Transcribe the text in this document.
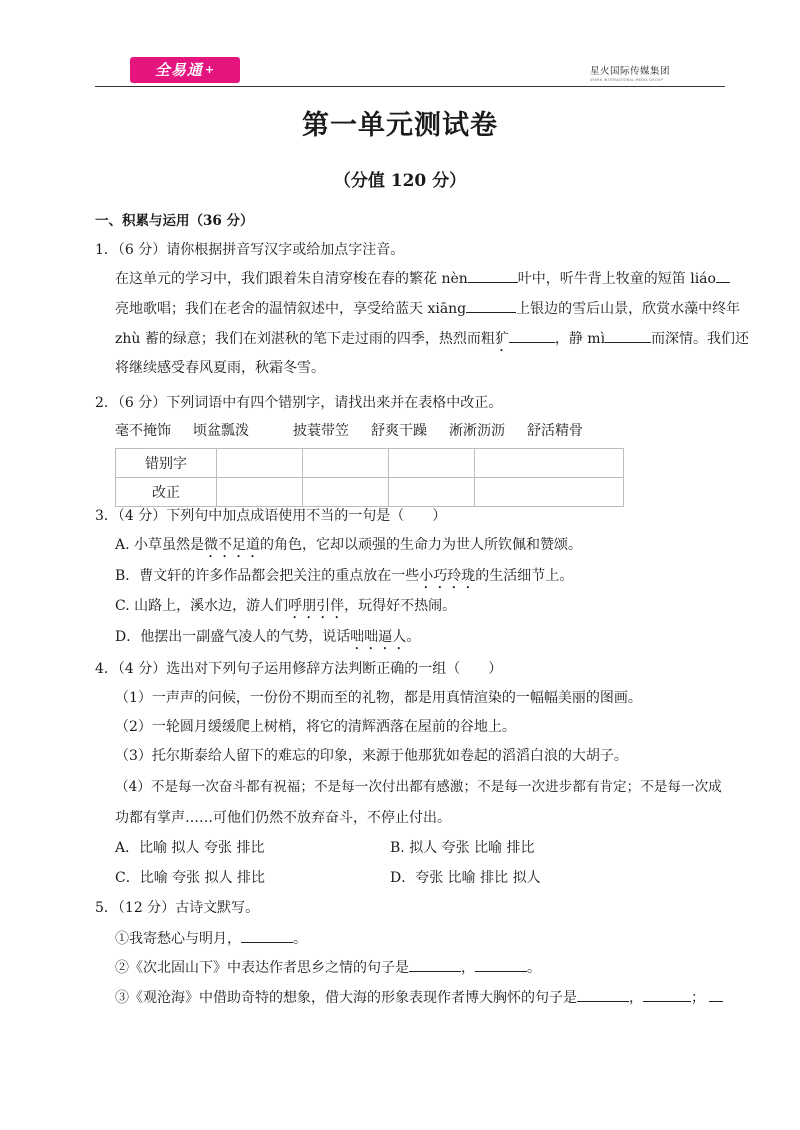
全易通 +	星火国际传媒集团
SPARK INTERNATIONAL MEDIA GROUP
第一单元测试卷
（分值 120 分）
一、积累与运用（36 分）
1．（6 分）请你根据拼音写汉字或给加点字注音。
在这单元的学习中，我们跟着朱自清穿梭在春的繁花 nèn	叶中，听牛背上牧童的短笛 liáo
亮地歌唱；我们在老舍的温情叙述中，享受给蓝天 xiāng	上银边的雪后山景，欣赏水藻中终年
zhù 蓄的绿意；我们在刘湛秋的笔下走过雨的四季，热烈而粗犷	，静 mì	而深情。我们还
将继续感受春风夏雨，秋霜冬雪。
2．（6 分）下列词语中有四个错别字，请找出来并在表格中改正。
毫不掩饰 顷盆瓢泼	披蓑带笠 舒爽干躁 淅淅沥沥 舒活精骨
错别字				
改正				
3．（4 分）下列句中加点成语使用不当的一句是（　　）
A. 小草虽然是微不足道的角色，它却以顽强的生命力为世人所钦佩和赞颂。
B．曹文轩的许多作品都会把关注的重点放在一些小巧玲珑的生活细节上。
C. 山路上，溪水边，游人们呼朋引伴，玩得好不热闹。
D．他摆出一副盛气凌人的气势，说话咄咄逼人。
4．（4 分）选出对下列句子运用修辞方法判断正确的一组（　　）
（1）一声声的问候，一份份不期而至的礼物，都是用真情渲染的一幅幅美丽的图画。
（2）一轮圆月缓缓爬上树梢，将它的清辉洒落在屋前的谷地上。
（3）托尔斯泰给人留下的难忘的印象，来源于他那犹如卷起的滔滔白浪的大胡子。
（4）不是每一次奋斗都有祝福；不是每一次付出都有感激；不是每一次进步都有肯定；不是每一次成
功都有掌声……可他们仍然不放弃奋斗，不停止付出。
A．比喻 拟人 夸张 排比	B. 拟人 夸张 比喻 排比
C．比喻 夸张 拟人 排比	D．夸张 比喻 排比 拟人
5．（12 分）古诗文默写。
①我寄愁心与明月，	。
②《次北固山下》中表达作者思乡之情的句子是	，	。
③《观沧海》中借助奇特的想象，借大海的形象表现作者博大胸怀的句子是	，	；
